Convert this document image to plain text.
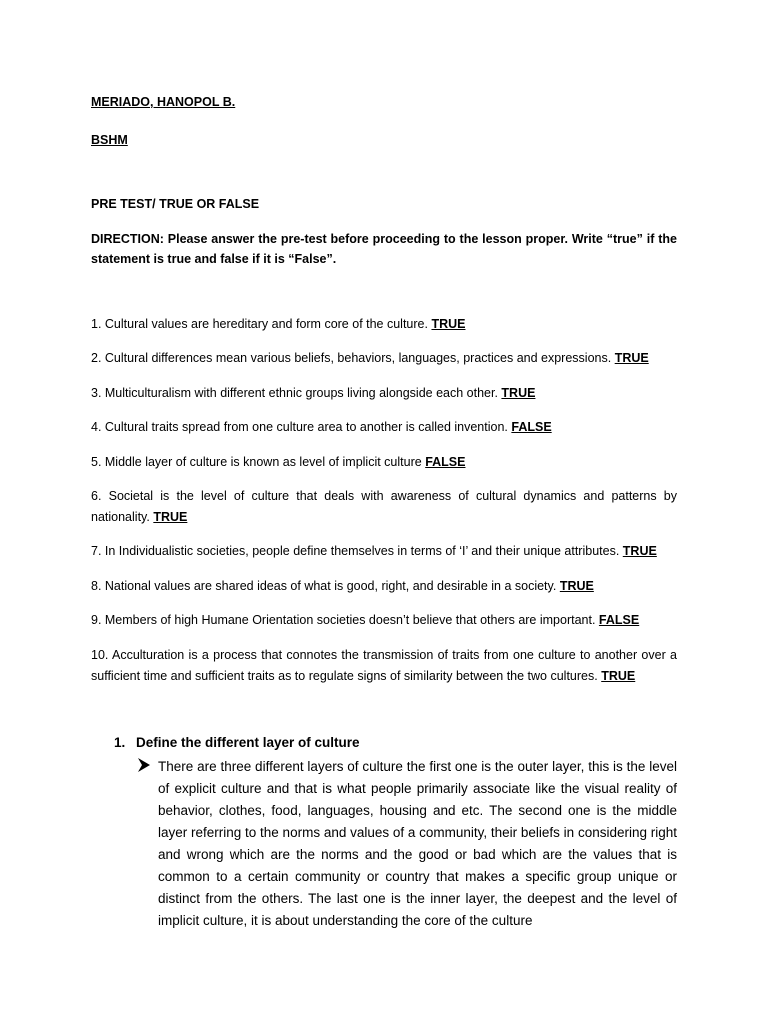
MERIADO, HANOPOL B.

BSHM

PRE TEST/ TRUE OR FALSE

DIRECTION: Please answer the pre-test before proceeding to the lesson proper. Write “true” if the statement is true and false if it is “False”.

1. Cultural values are hereditary and form core of the culture. TRUE

2. Cultural differences mean various beliefs, behaviors, languages, practices and expressions. TRUE

3. Multiculturalism with different ethnic groups living alongside each other. TRUE

4. Cultural traits spread from one culture area to another is called invention. FALSE

5. Middle layer of culture is known as level of implicit culture FALSE

6. Societal is the level of culture that deals with awareness of cultural dynamics and patterns by nationality. TRUE

7. In Individualistic societies, people define themselves in terms of ‘I’ and their unique attributes. TRUE

8. National values are shared ideas of what is good, right, and desirable in a society. TRUE

9. Members of high Humane Orientation societies doesn’t believe that others are important. FALSE

10. Acculturation is a process that connotes the transmission of traits from one culture to another over a sufficient time and sufficient traits as to regulate signs of similarity between the two cultures. TRUE

1. Define the different layer of culture

There are three different layers of culture the first one is the outer layer, this is the level of explicit culture and that is what people primarily associate like the visual reality of behavior, clothes, food, languages, housing and etc. The second one is the middle layer referring to the norms and values of a community, their beliefs in considering right and wrong which are the norms and the good or bad which are the values that is common to a certain community or country that makes a specific group unique or distinct from the others. The last one is the inner layer, the deepest and the level of implicit culture, it is about understanding the core of the culture
